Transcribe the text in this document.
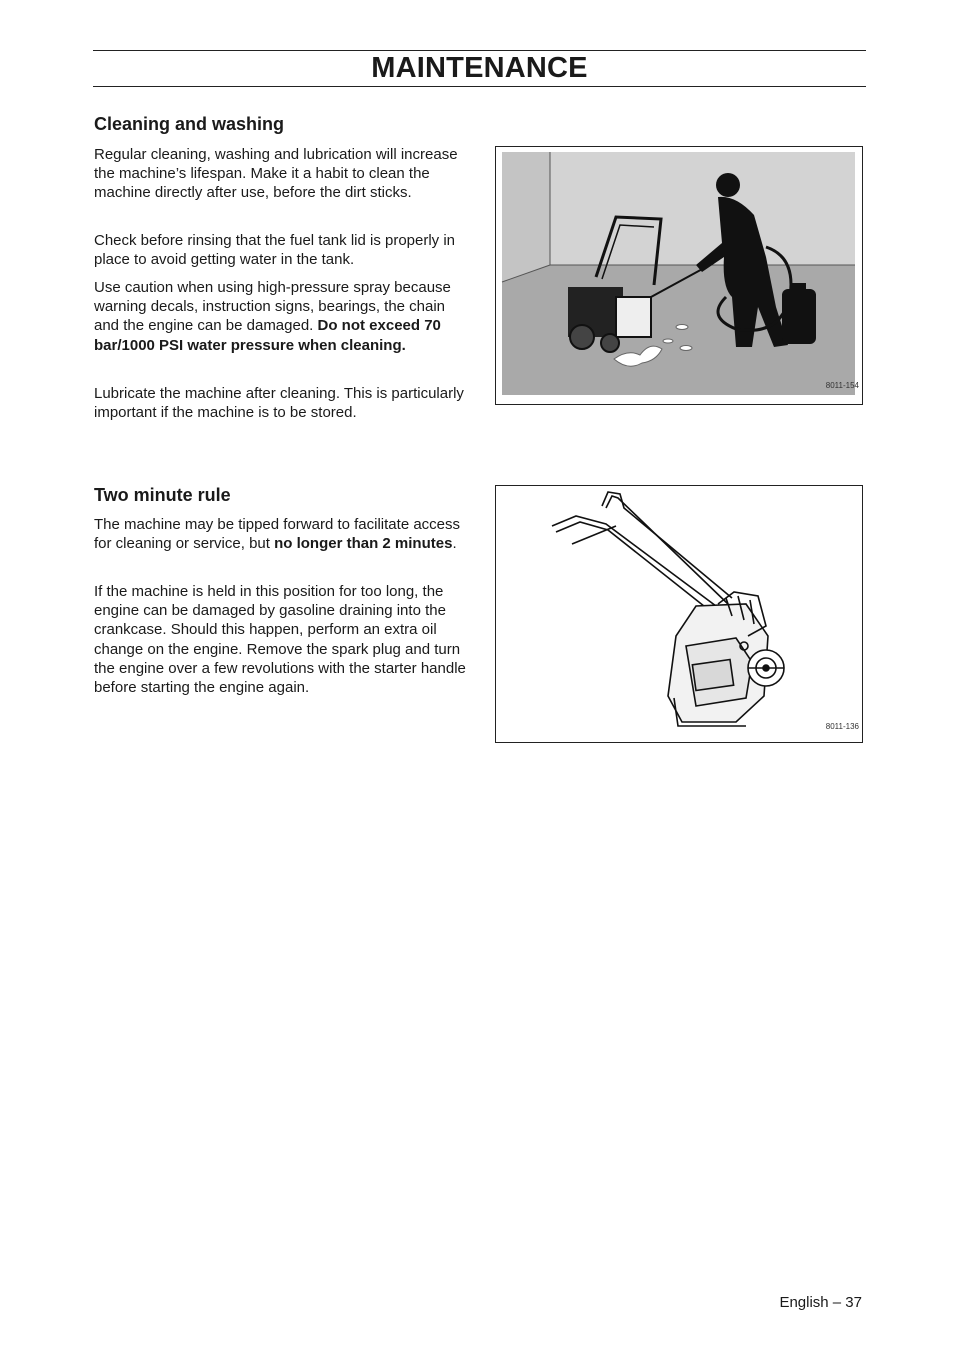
MAINTENANCE
Cleaning and washing

Regular cleaning, washing and lubrication will increase the machine’s lifespan. Make it a habit to clean the machine directly after use, before the dirt sticks.

Check before rinsing that the fuel tank lid is properly in place to avoid getting water in the tank.

Use caution when using high-pressure spray because warning decals, instruction signs, bearings, the chain and the engine can be damaged. Do not exceed 70 bar/1000 PSI water pressure when cleaning.

Lubricate the machine after cleaning. This is particularly important if the machine is to be stored.

8011-154
Two minute rule

The machine may be tipped forward to facilitate access for cleaning or service, but no longer than 2 minutes.

If the machine is held in this position for too long, the engine can be damaged by gasoline draining into the crankcase. Should this happen, perform an extra oil change on the engine. Remove the spark plug and turn the engine over a few revolutions with the starter handle before starting the engine again.

8011-136
English – 37
